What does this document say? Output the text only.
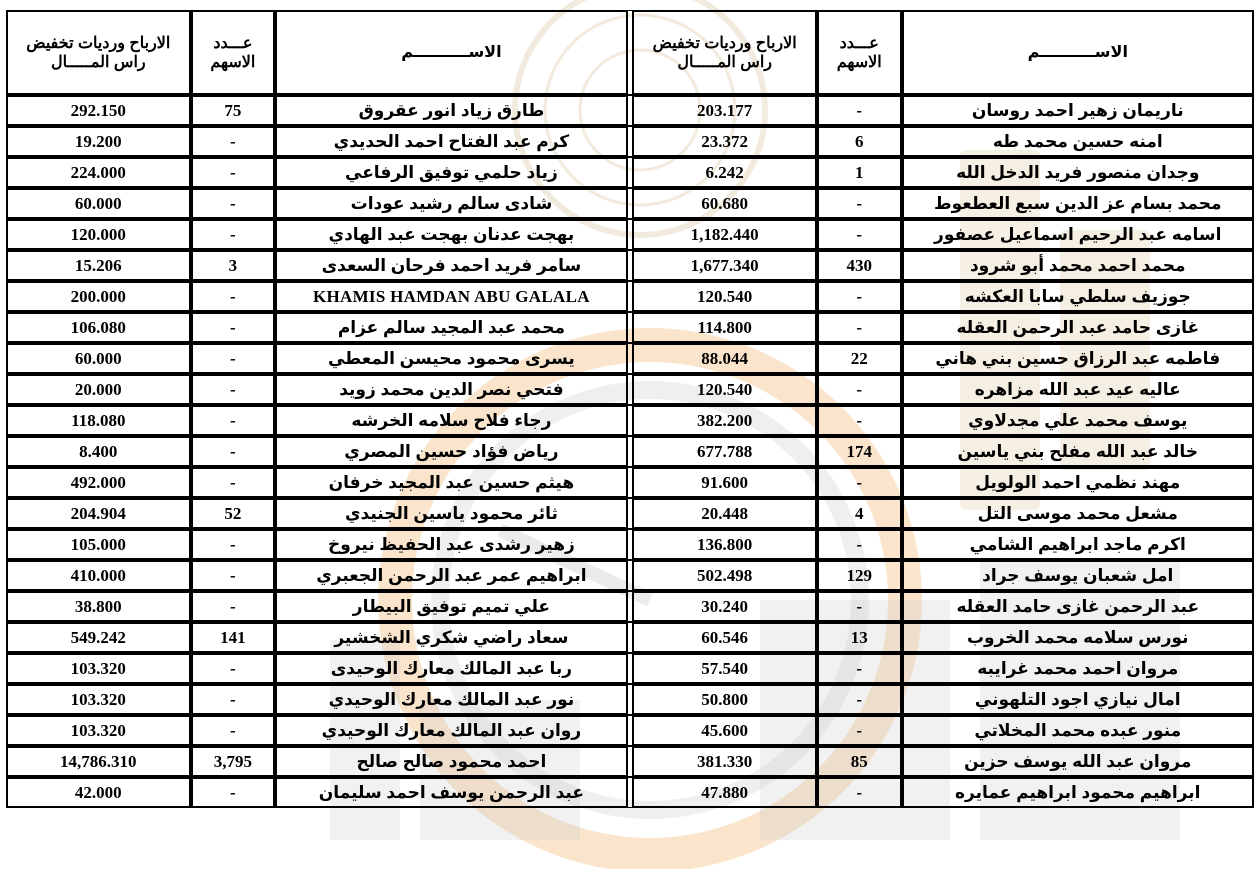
الاســــــــــم	عـــدد الاسهم	الارباح ورديات تخفيض راس المـــــال		الاســــــــــم	عـــدد الاسهم	الارباح ورديات تخفيض راس المـــــال
ناريمان زهير احمد روسان	-	203.177		طارق زياد انور عقروق	75	292.150
امنه حسين محمد طه	6	23.372		كرم عبد الفتاح احمد الحديدي	-	19.200
وجدان منصور فريد الدخل الله	1	6.242		زياد حلمي توفيق الرفاعي	-	224.000
محمد بسام عز الدين سبع العطعوط	-	60.680		شادى سالم رشيد عودات	-	60.000
اسامه عبد الرحيم اسماعيل عصفور	-	1,182.440		بهجت عدنان بهجت عبد الهادي	-	120.000
محمد احمد محمد أبو شرود	430	1,677.340		سامر فريد احمد فرحان السعدى	3	15.206
جوزيف سلطي سابا العكشه	-	120.540		KHAMIS HAMDAN ABU GALALA	-	200.000
غازى حامد عبد الرحمن العقله	-	114.800		محمد عبد المجيد سالم عزام	-	106.080
فاطمه عبد الرزاق حسين بني هاني	22	88.044		يسرى محمود محيسن المعطي	-	60.000
عاليه عيد عبد الله مزاهره	-	120.540		فتحي نصر الدين محمد زويد	-	20.000
يوسف محمد علي مجدلاوي	-	382.200		رجاء فلاح سلامه الخرشه	-	118.080
خالد عبد الله مفلح بني ياسين	174	677.788		رياض فؤاد حسين المصري	-	8.400
مهند نظمي احمد الولويل	-	91.600		هيثم حسين عبد المجيد خرفان	-	492.000
مشعل محمد موسى التل	4	20.448		ثائر محمود ياسين الجنيدي	52	204.904
اكرم ماجد ابراهيم الشامي	-	136.800		زهير رشدى عبد الحفيظ نيروخ	-	105.000
امل شعبان يوسف جراد	129	502.498		ابراهيم عمر عبد الرحمن الجعبري	-	410.000
عبد الرحمن غازى حامد العقله	-	30.240		علي تميم توفيق البيطار	-	38.800
نورس سلامه محمد الخروب	13	60.546		سعاد راضي شكري الشخشير	141	549.242
مروان احمد محمد غرايبه	-	57.540		ربا عبد المالك معارك الوحيدى	-	103.320
امال نيازي اجود التلهوني	-	50.800		نور عبد المالك معارك الوحيدي	-	103.320
منور عبده محمد المخلاتي	-	45.600		روان عبد المالك معارك الوحيدي	-	103.320
مروان عبد الله يوسف حزين	85	381.330		احمد محمود صالح صالح	3,795	14,786.310
ابراهيم محمود ابراهيم عمايره	-	47.880		عبد الرحمن يوسف احمد سليمان	-	42.000
